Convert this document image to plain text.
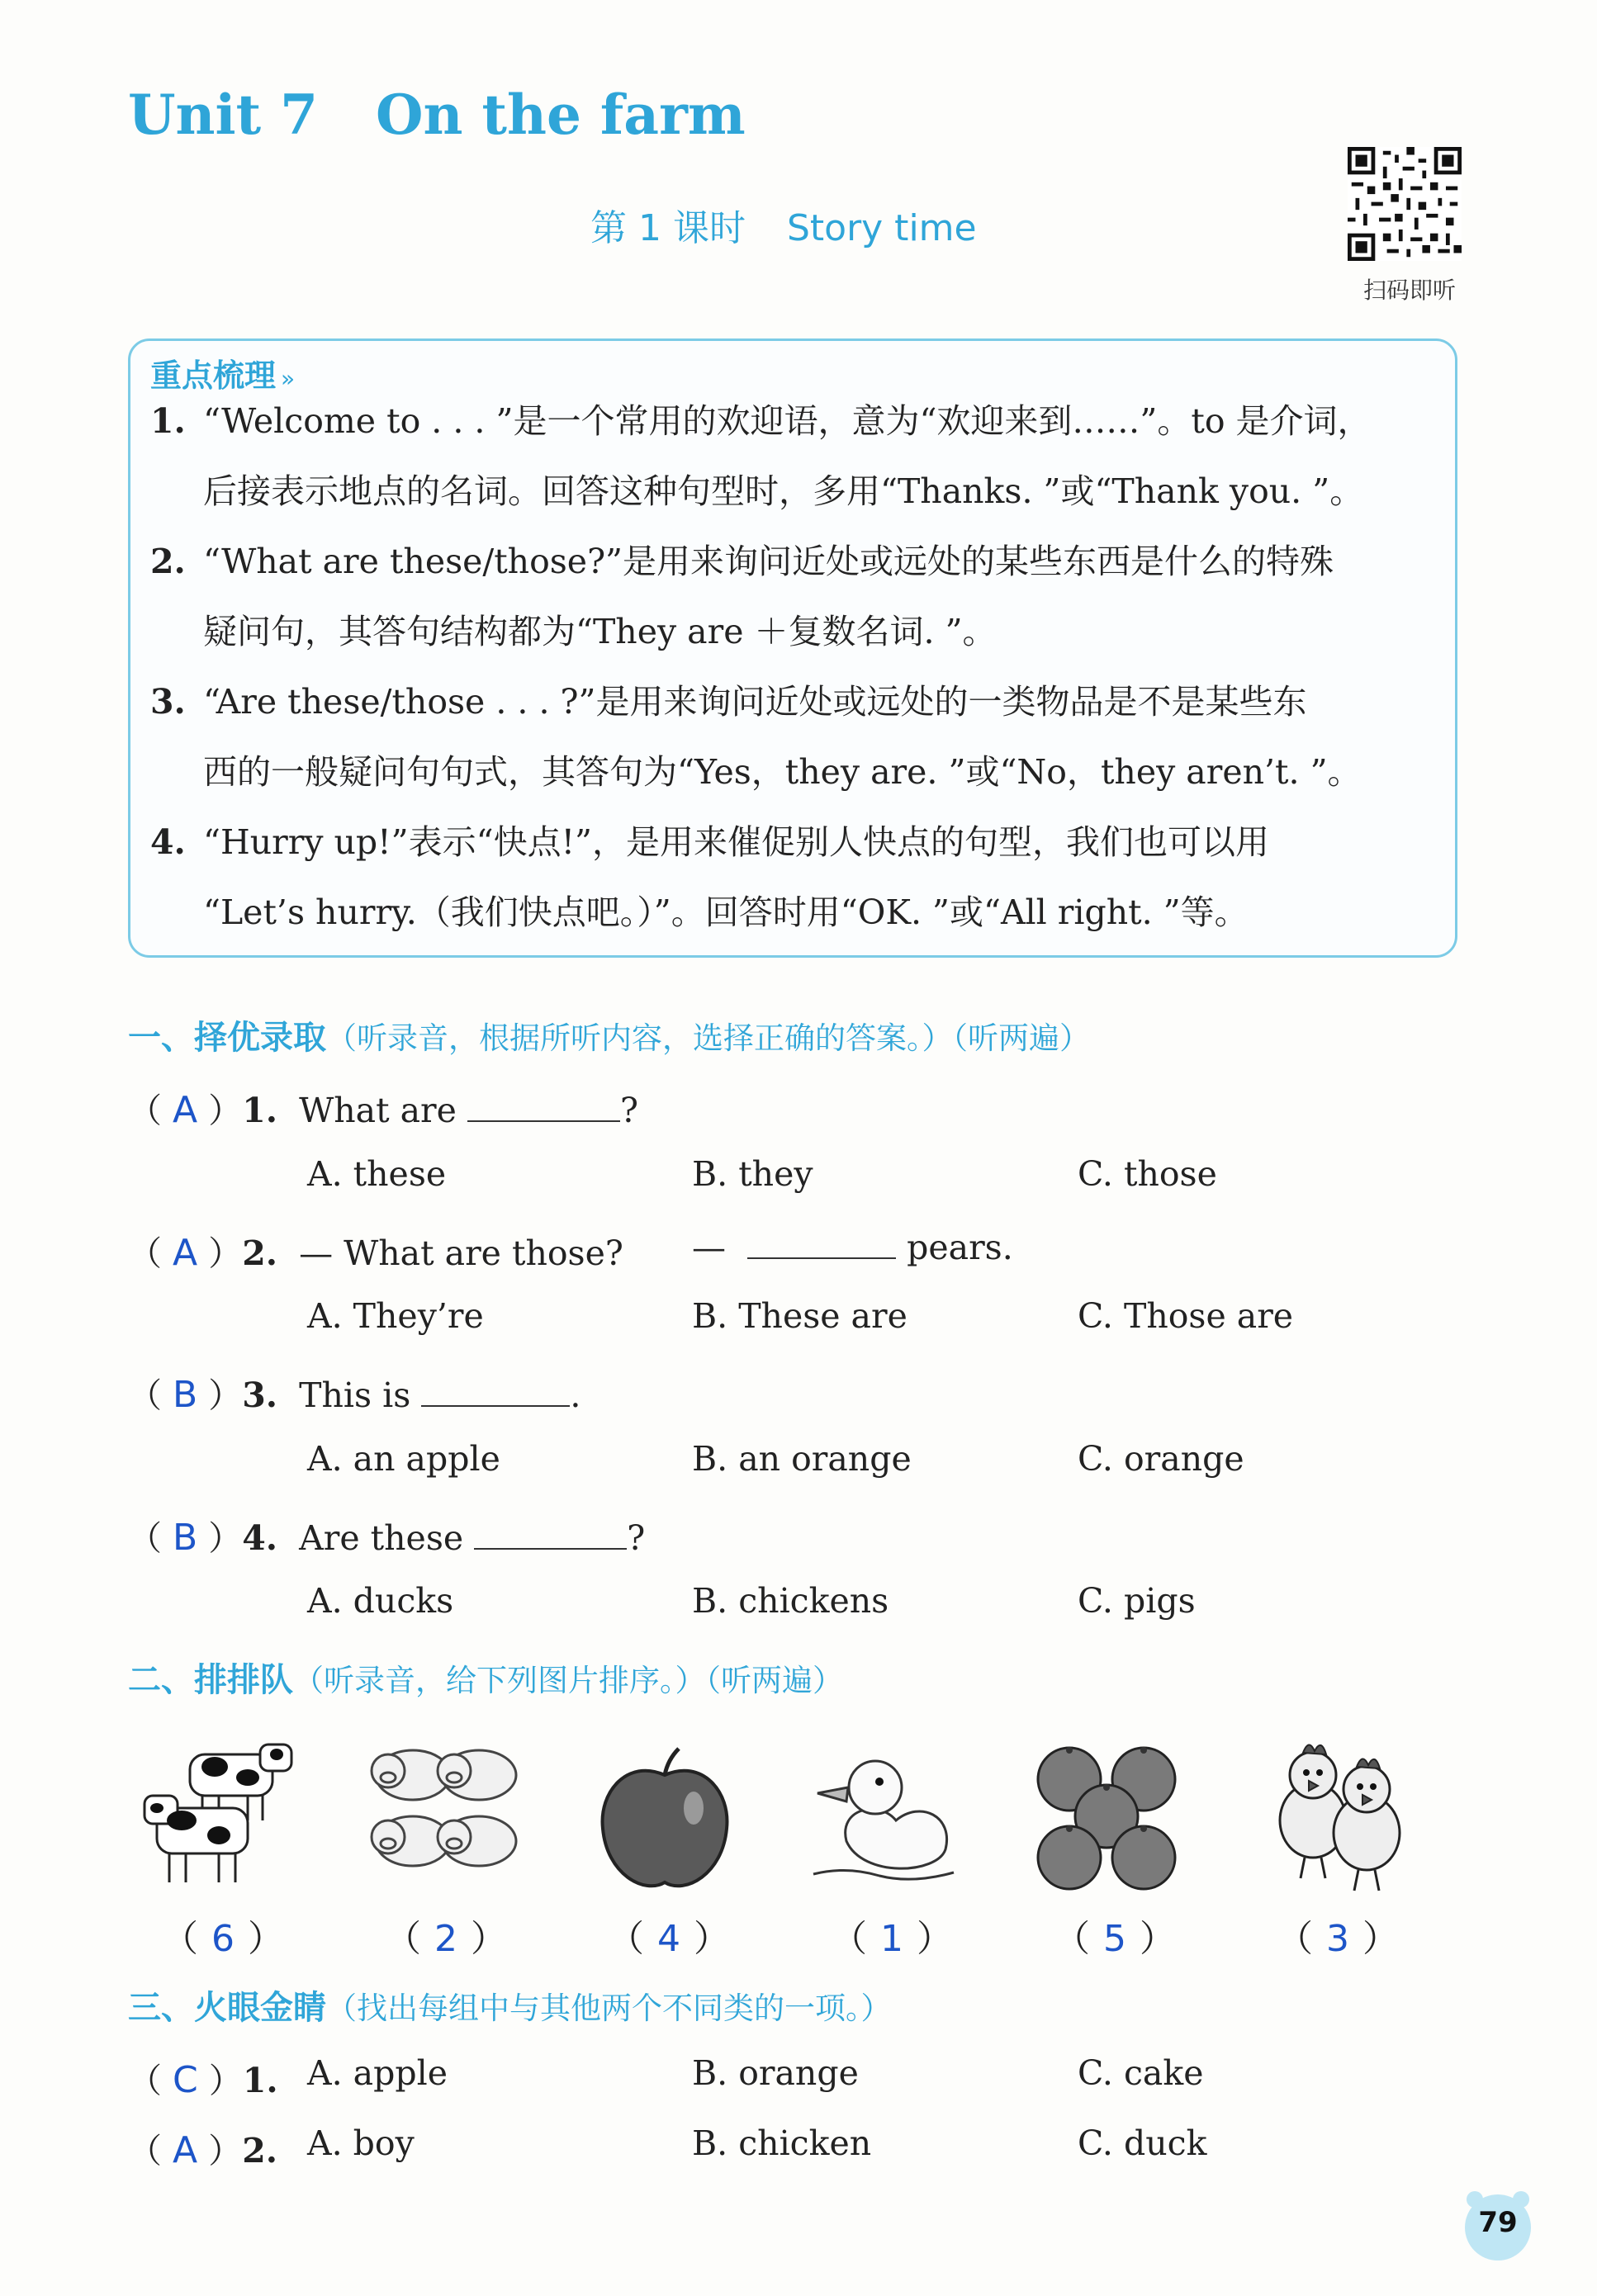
Unit 7 On the farm
第 1 课时 Story time
扫码即听
重点梳理 »
1. “Welcome to . . . ”是一个常用的欢迎语，意为“欢迎来到……”。to 是介词，
后接表示地点的名词。回答这种句型时，多用“Thanks. ”或“Thank you. ”。
2. “What are these/those?”是用来询问近处或远处的某些东西是什么的特殊
疑问句，其答句结构都为“They are ＋复数名词. ”。
3. “Are these/those . . . ?”是用来询问近处或远处的一类物品是不是某些东
西的一般疑问句句式，其答句为“Yes，they are. ”或“No，they aren’t. ”。
4. “Hurry up!”表示“快点!”，是用来催促别人快点的句型，我们也可以用
“Let’s hurry.（我们快点吧。）”。回答时用“OK. ”或“All right. ”等。
一、择优录取（听录音，根据所听内容，选择正确的答案。）（听两遍）
（ A ）1. What are	?
A. these	B. they	C. those
（ A ）2. — What are those? —	pears.
A. They’re	B. These are	C. Those are
（ B ）3. This is	.
A. an apple	B. an orange	C. orange
（ B ）4. Are these	?
A. ducks	B. chickens	C. pigs
二、排排队（听录音，给下列图片排序。）（听两遍）
（ 6 ）	（ 2 ）	（ 4 ）	（ 1 ）	（ 5 ）	（ 3 ）
三、火眼金睛（找出每组中与其他两个不同类的一项。）
（ C ）1. A. apple	B. orange	C. cake
（ A ）2. A. boy	B. chicken	C. duck
79
